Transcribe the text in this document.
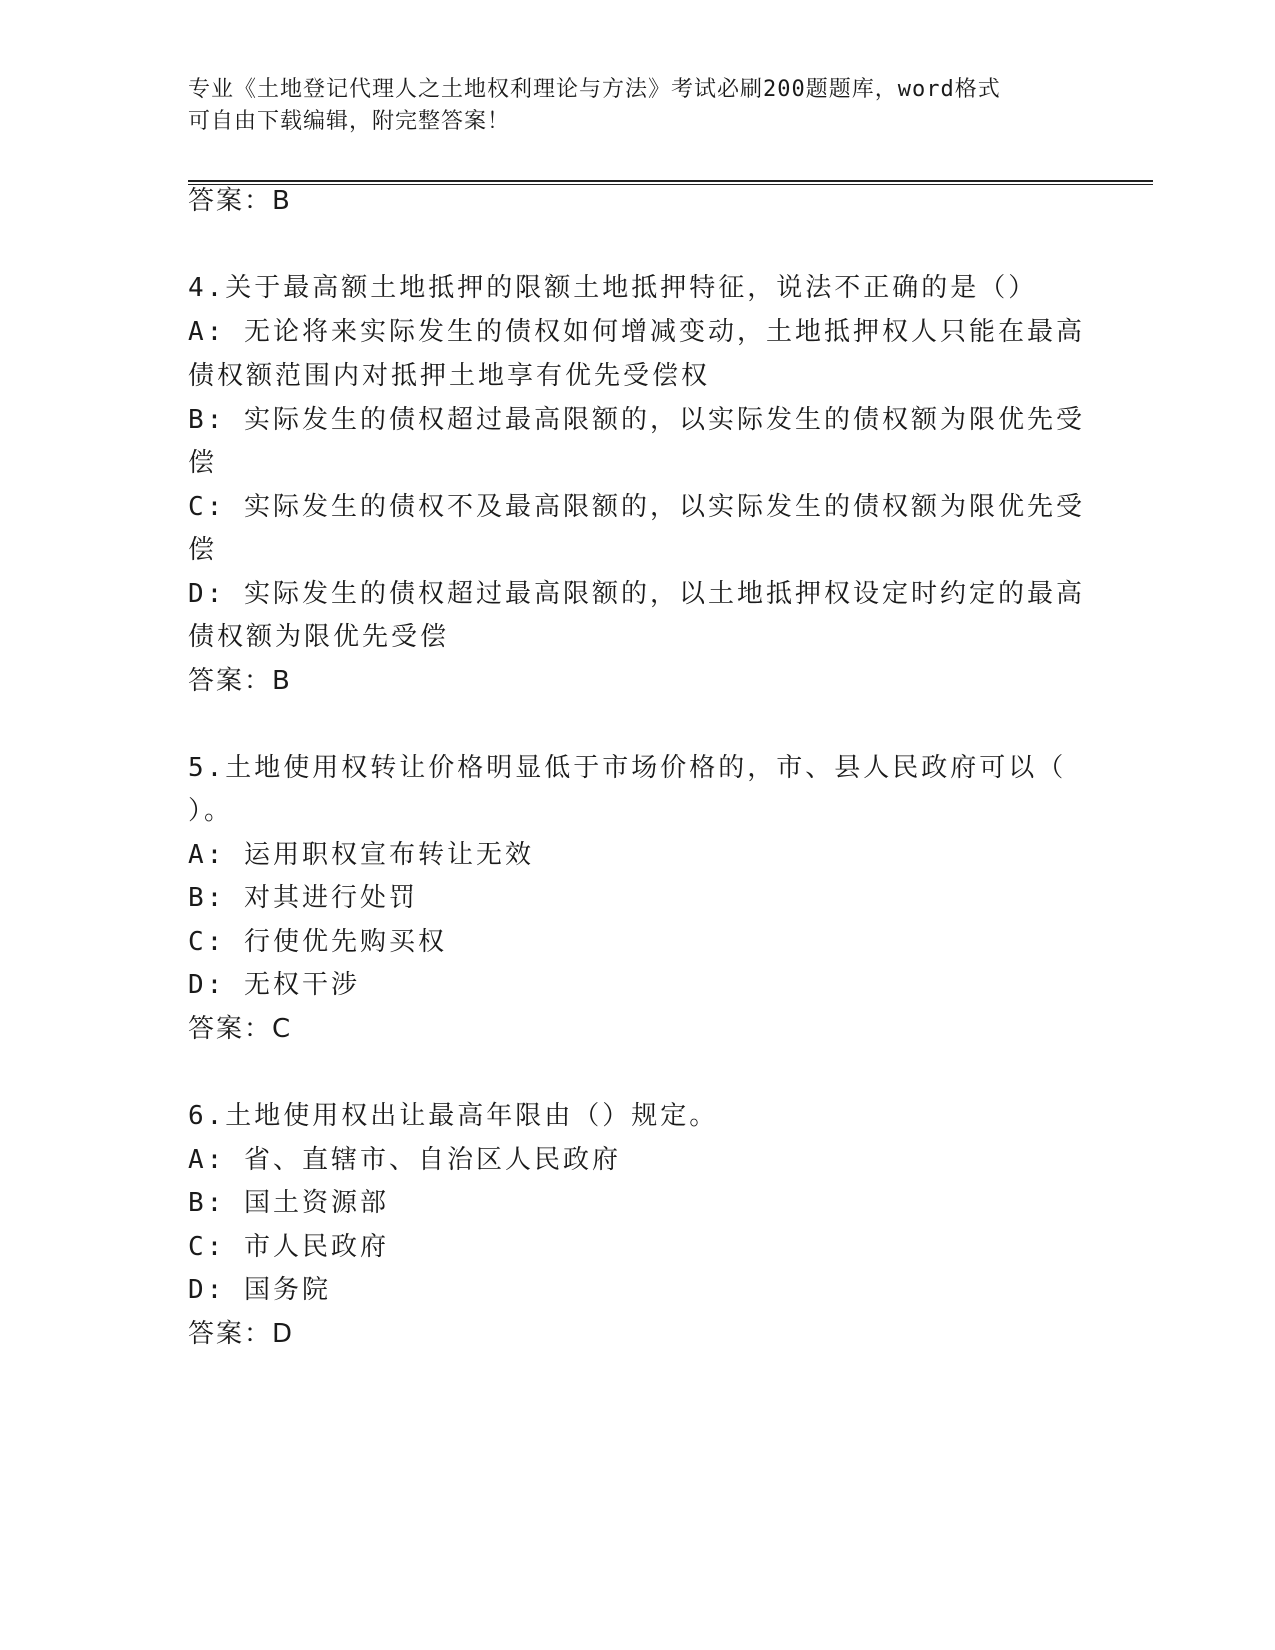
专业《土地登记代理人之土地权利理论与方法》考试必刷200题题库，word格式
可自由下载编辑，附完整答案！
答案：B
4.关于最高额土地抵押的限额土地抵押特征，说法不正确的是（）
A: 无论将来实际发生的债权如何增减变动，土地抵押权人只能在最高
债权额范围内对抵押土地享有优先受偿权
B: 实际发生的债权超过最高限额的，以实际发生的债权额为限优先受
偿
C: 实际发生的债权不及最高限额的，以实际发生的债权额为限优先受
偿
D: 实际发生的债权超过最高限额的，以土地抵押权设定时约定的最高
债权额为限优先受偿
答案：B
5.土地使用权转让价格明显低于市场价格的，市、县人民政府可以（
）。
A: 运用职权宣布转让无效
B: 对其进行处罚
C: 行使优先购买权
D: 无权干涉
答案：C
6.土地使用权出让最高年限由（）规定。
A: 省、直辖市、自治区人民政府
B: 国土资源部
C: 市人民政府
D: 国务院
答案：D
